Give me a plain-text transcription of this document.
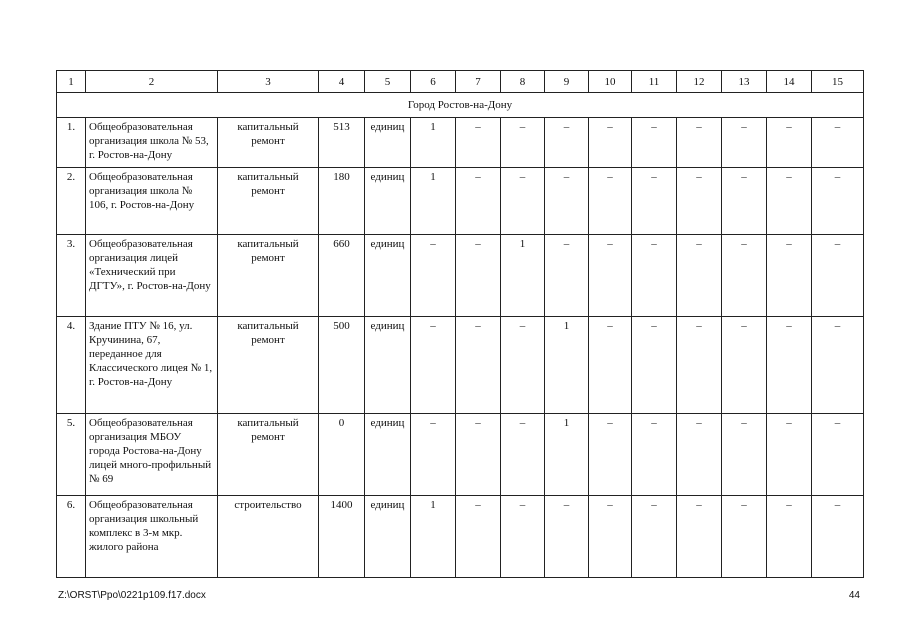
1	2	3	4	5	6	7	8	9	10	11	12	13	14	15
Город Ростов-на-Дону														
1.	Общеобразовательная организация школа № 53, г. Ростов-на-Дону	капитальный ремонт	513	единиц	1	–	–	–	–	–	–	–	–	–
2.	Общеобразовательная организация школа № 106, г. Ростов-на-Дону	капитальный ремонт	180	единиц	1	–	–	–	–	–	–	–	–	–
3.	Общеобразовательная организация лицей «Технический при ДГТУ», г. Ростов-на-Дону	капитальный ремонт	660	единиц	–	–	1	–	–	–	–	–	–	–
4.	Здание ПТУ № 16, ул. Кручинина, 67, переданное для Классического лицея № 1, г. Ростов-на-Дону	капитальный ремонт	500	единиц	–	–	–	1	–	–	–	–	–	–
5.	Общеобразовательная организация МБОУ города Ростова-на-Дону лицей много-профильный № 69	капитальный ремонт	0	единиц	–	–	–	1	–	–	–	–	–	–
6.	Общеобразовательная организация школьный комплекс в 3-м мкр. жилого района	строительство	1400	единиц	1	–	–	–	–	–	–	–	–	–
Z:\ORST\Ppo\0221p109.f17.docx	44
